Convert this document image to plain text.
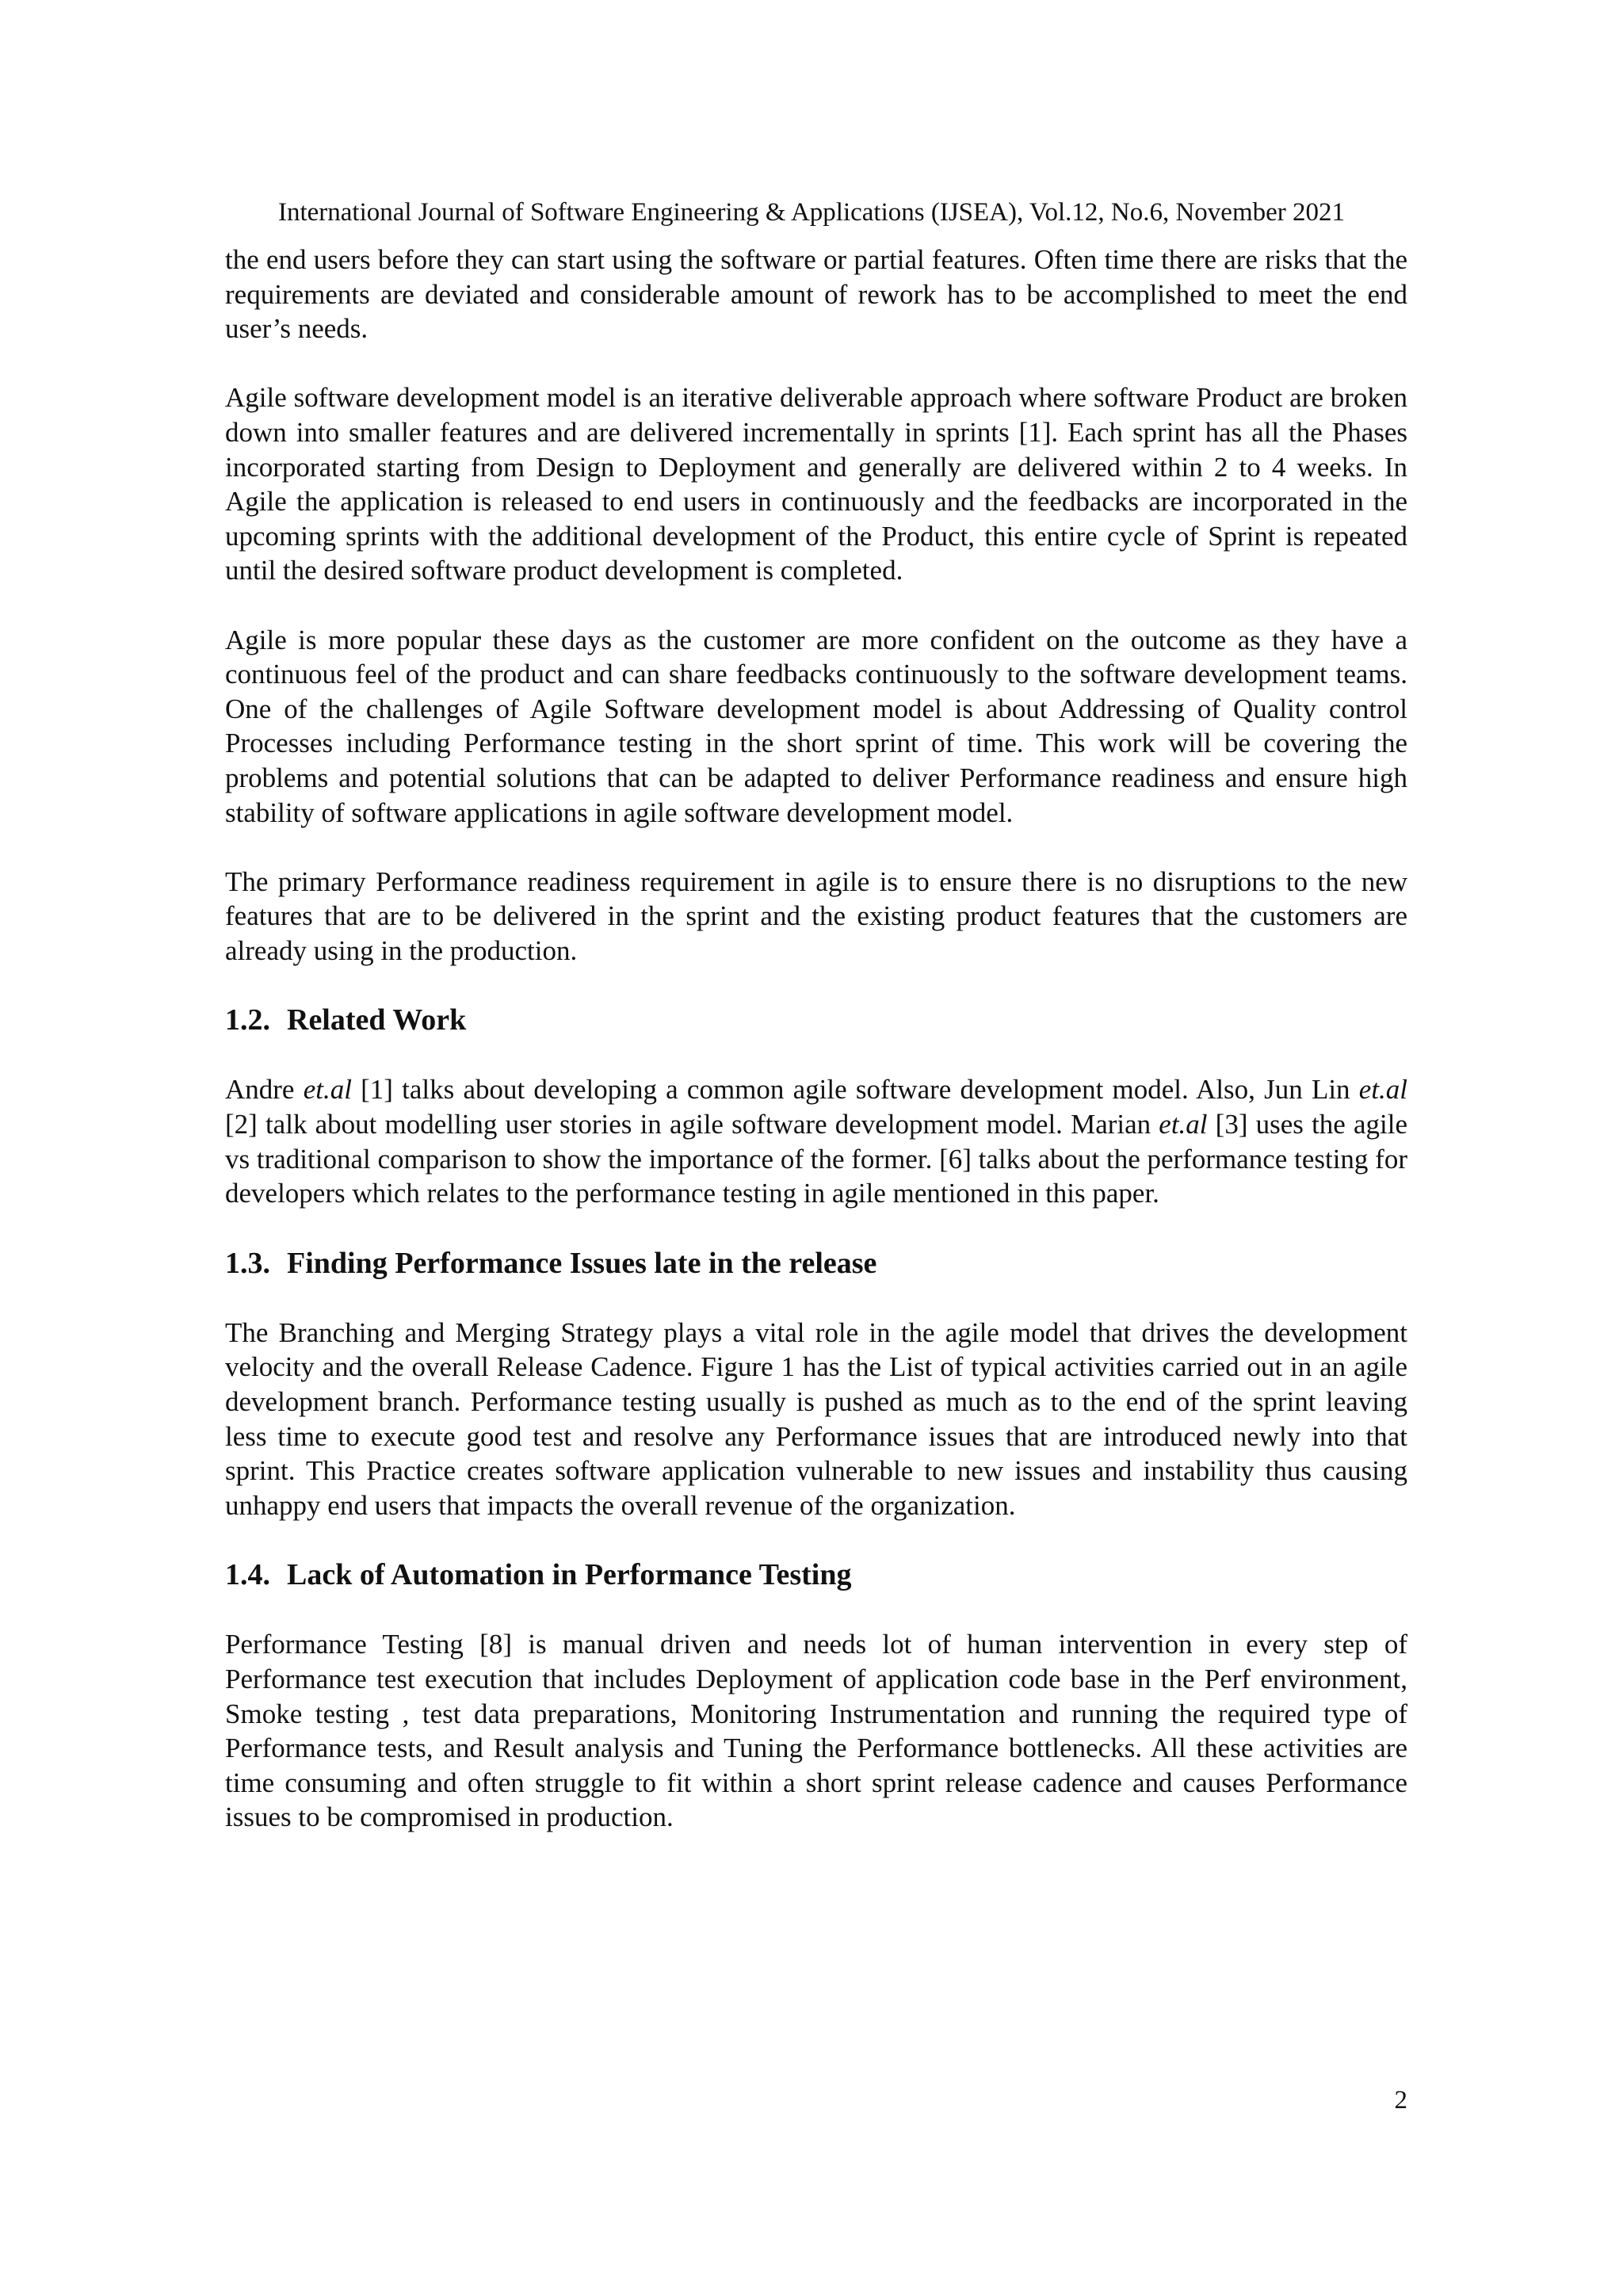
International Journal of Software Engineering & Applications (IJSEA), Vol.12, No.6, November 2021

the end users before they can start using the software or partial features. Often time there are risks that the requirements are deviated and considerable amount of rework has to be accomplished to meet the end user’s needs.

Agile software development model is an iterative deliverable approach where software Product are broken down into smaller features and are delivered incrementally in sprints [1]. Each sprint has all the Phases incorporated starting from Design to Deployment and generally are delivered within 2 to 4 weeks. In Agile the application is released to end users in continuously and the feedbacks are incorporated in the upcoming sprints with the additional development of the Product, this entire cycle of Sprint is repeated until the desired software product development is completed.

Agile is more popular these days as the customer are more confident on the outcome as they have a continuous feel of the product and can share feedbacks continuously to the software development teams. One of the challenges of Agile Software development model is about Addressing of Quality control Processes including Performance testing in the short sprint of time. This work will be covering the problems and potential solutions that can be adapted to deliver Performance readiness and ensure high stability of software applications in agile software development model.

The primary Performance readiness requirement in agile is to ensure there is no disruptions to the new features that are to be delivered in the sprint and the existing product features that the customers are already using in the production.

1.2. Related Work

Andre et.al [1] talks about developing a common agile software development model. Also, Jun Lin et.al [2] talk about modelling user stories in agile software development model. Marian et.al [3] uses the agile vs traditional comparison to show the importance of the former. [6] talks about the performance testing for developers which relates to the performance testing in agile mentioned in this paper.

1.3. Finding Performance Issues late in the release

The Branching and Merging Strategy plays a vital role in the agile model that drives the development velocity and the overall Release Cadence. Figure 1 has the List of typical activities carried out in an agile development branch. Performance testing usually is pushed as much as to the end of the sprint leaving less time to execute good test and resolve any Performance issues that are introduced newly into that sprint. This Practice creates software application vulnerable to new issues and instability thus causing unhappy end users that impacts the overall revenue of the organization.

1.4. Lack of Automation in Performance Testing

Performance Testing [8] is manual driven and needs lot of human intervention in every step of Performance test execution that includes Deployment of application code base in the Perf environment, Smoke testing , test data preparations, Monitoring Instrumentation and running the required type of Performance tests, and Result analysis and Tuning the Performance bottlenecks. All these activities are time consuming and often struggle to fit within a short sprint release cadence and causes Performance issues to be compromised in production.

2
